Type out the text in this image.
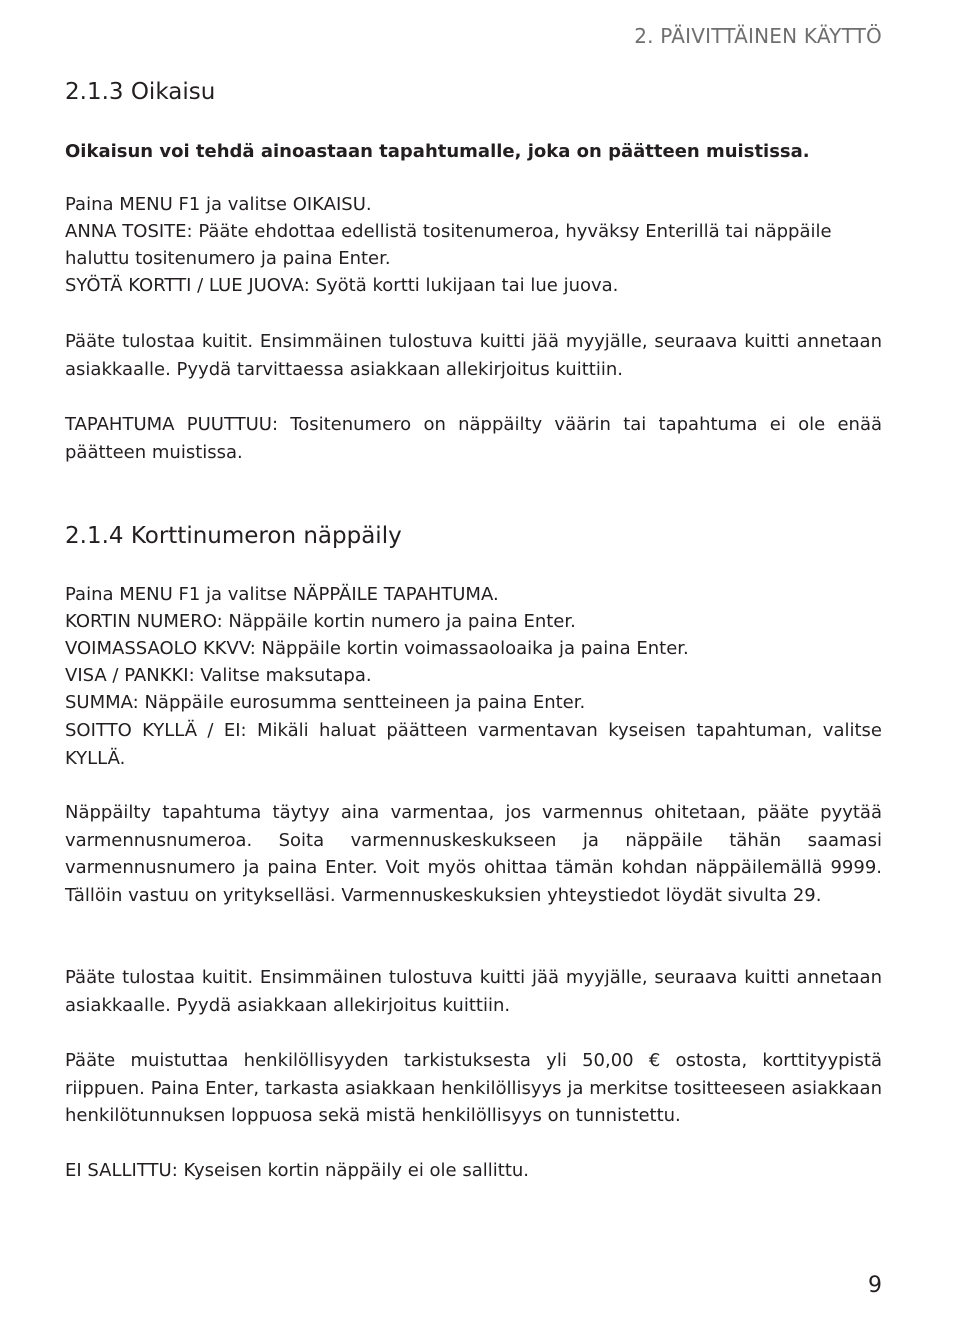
2. PÄIVITTÄINEN KÄYTTÖ
2.1.3 Oikaisu
Oikaisun voi tehdä ainoastaan tapahtumalle, joka on päätteen muistissa.
Paina MENU F1 ja valitse OIKAISU.
ANNA TOSITE: Pääte ehdottaa edellistä tositenumeroa, hyväksy Enterillä tai näppäile
haluttu tositenumero ja paina Enter.
SYÖTÄ KORTTI / LUE JUOVA: Syötä kortti lukijaan tai lue juova.
Pääte tulostaa kuitit. Ensimmäinen tulostuva kuitti jää myyjälle, seuraava kuitti annetaan asiakkaalle. Pyydä tarvittaessa asiakkaan allekirjoitus kuittiin.
TAPAHTUMA PUUTTUU: Tositenumero on näppäilty väärin tai tapahtuma ei ole enää päätteen muistissa.
2.1.4 Korttinumeron näppäily
Paina MENU F1 ja valitse NÄPPÄILE TAPAHTUMA.
KORTIN NUMERO: Näppäile kortin numero ja paina Enter.
VOIMASSAOLO KKVV: Näppäile kortin voimassaoloaika ja paina Enter.
VISA / PANKKI: Valitse maksutapa.
SUMMA: Näppäile eurosumma sentteineen ja paina Enter.
SOITTO KYLLÄ / EI: Mikäli haluat päätteen varmentavan kyseisen tapahtuman, valitse KYLLÄ.
Näppäilty tapahtuma täytyy aina varmentaa, jos varmennus ohitetaan, pääte pyytää varmennusnumeroa. Soita varmennuskeskukseen ja näppäile tähän saamasi varmennusnumero ja paina Enter. Voit myös ohittaa tämän kohdan näppäilemällä 9999. Tällöin vastuu on yritykselläsi. Varmennuskeskuksien yhteystiedot löydät sivulta 29.
Pääte tulostaa kuitit. Ensimmäinen tulostuva kuitti jää myyjälle, seuraava kuitti annetaan asiakkaalle. Pyydä asiakkaan allekirjoitus kuittiin.
Pääte muistuttaa henkilöllisyyden tarkistuksesta yli 50,00 € ostosta, korttityypistä riippuen. Paina Enter, tarkasta asiakkaan henkilöllisyys ja merkitse tositteeseen asiakkaan henkilötunnuksen loppuosa sekä mistä henkilöllisyys on tunnistettu.
EI SALLITTU: Kyseisen kortin näppäily ei ole sallittu.
9
